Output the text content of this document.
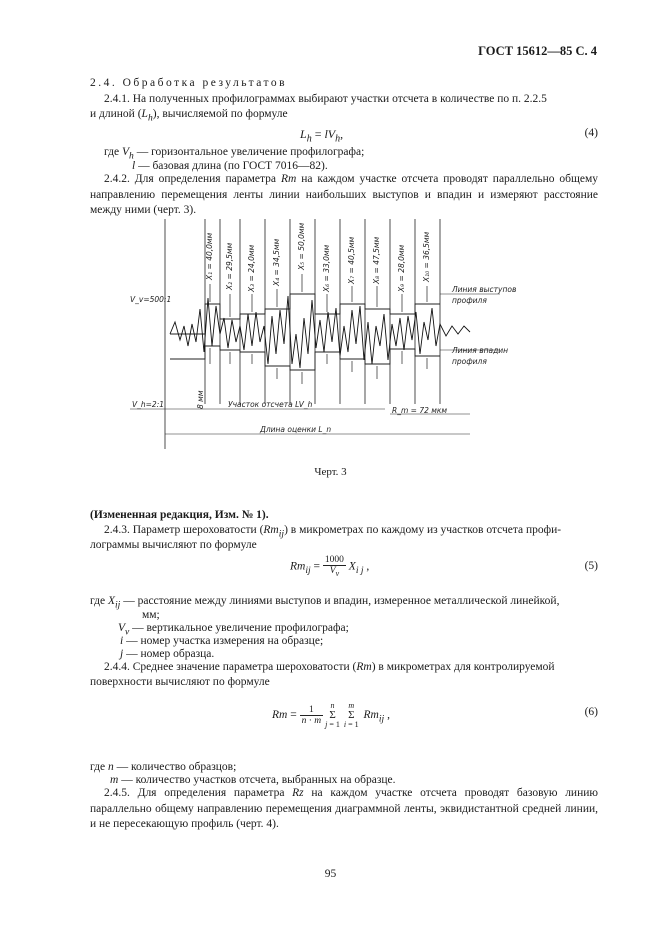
ГОСТ 15612—85 С. 4
2.4. Обработка результатов
2.4.1. На полученных профилограммах выбирают участки отсчета в количестве по п. 2.2.5
и длиной $(L_h)$, вычисляемой по формуле
$L_h = lV_h$,	(4)
где $V_h$ — горизонтальное увеличение профилографа;
l — базовая длина (по ГОСТ 7016—82).
2.4.2. Для определения параметра Rm на каждом участке отсчета проводят параллельно общему направлению перемещения ленты линии наибольших выступов и впадин и измеряют расстояние между ними (черт. 3).
X₁ = 40,0мм X₂ = 29,5мм X₃ = 24,0мм X₄ = 34,5мм X₅ = 50,0мм X₆ = 33,0мм X₇ = 40,5мм X₈ = 47,5мм X₉ = 28,0мм X₁₀ = 36,5мм
V_v=500:1
Линия выступов
профиля
Линия впадин
профиля
V_h=2:1	8 мм	Участок отсчета LV_h
R_m = 72 мкм
Длина оценки L_n
Черт. 3
(Измененная редакция, Изм. № 1).
2.4.3. Параметр шероховатости $(Rm_{ij})$ в микрометрах по каждому из участков отсчета профи-
лограммы вычисляют по формуле
$Rm_{ij} = \frac{1000}{V_v} X_{i j}$ ,	(5)
где $X_{ij}$ — расстояние между линиями выступов и впадин, измеренное металлической линейкой,
мм;
$V_v$ — вертикальное увеличение профилографа;
i — номер участка измерения на образце;
j — номер образца.
2.4.4. Среднее значение параметра шероховатости (Rm) в микрометрах для контролируемой
поверхности вычисляют по формуле
$Rm = \frac{1}{n \cdot m}$ n
Σ
j = 1m
Σ
i = 1 $Rm_{ij}$ ,	(6)
где n — количество образцов;
m — количество участков отсчета, выбранных на образце.
2.4.5. Для определения параметра Rz на каждом участке отсчета проводят базовую линию параллельно общему направлению перемещения диаграммной ленты, эквидистантной средней линии, и не пересекающую профиль (черт. 4).
95
